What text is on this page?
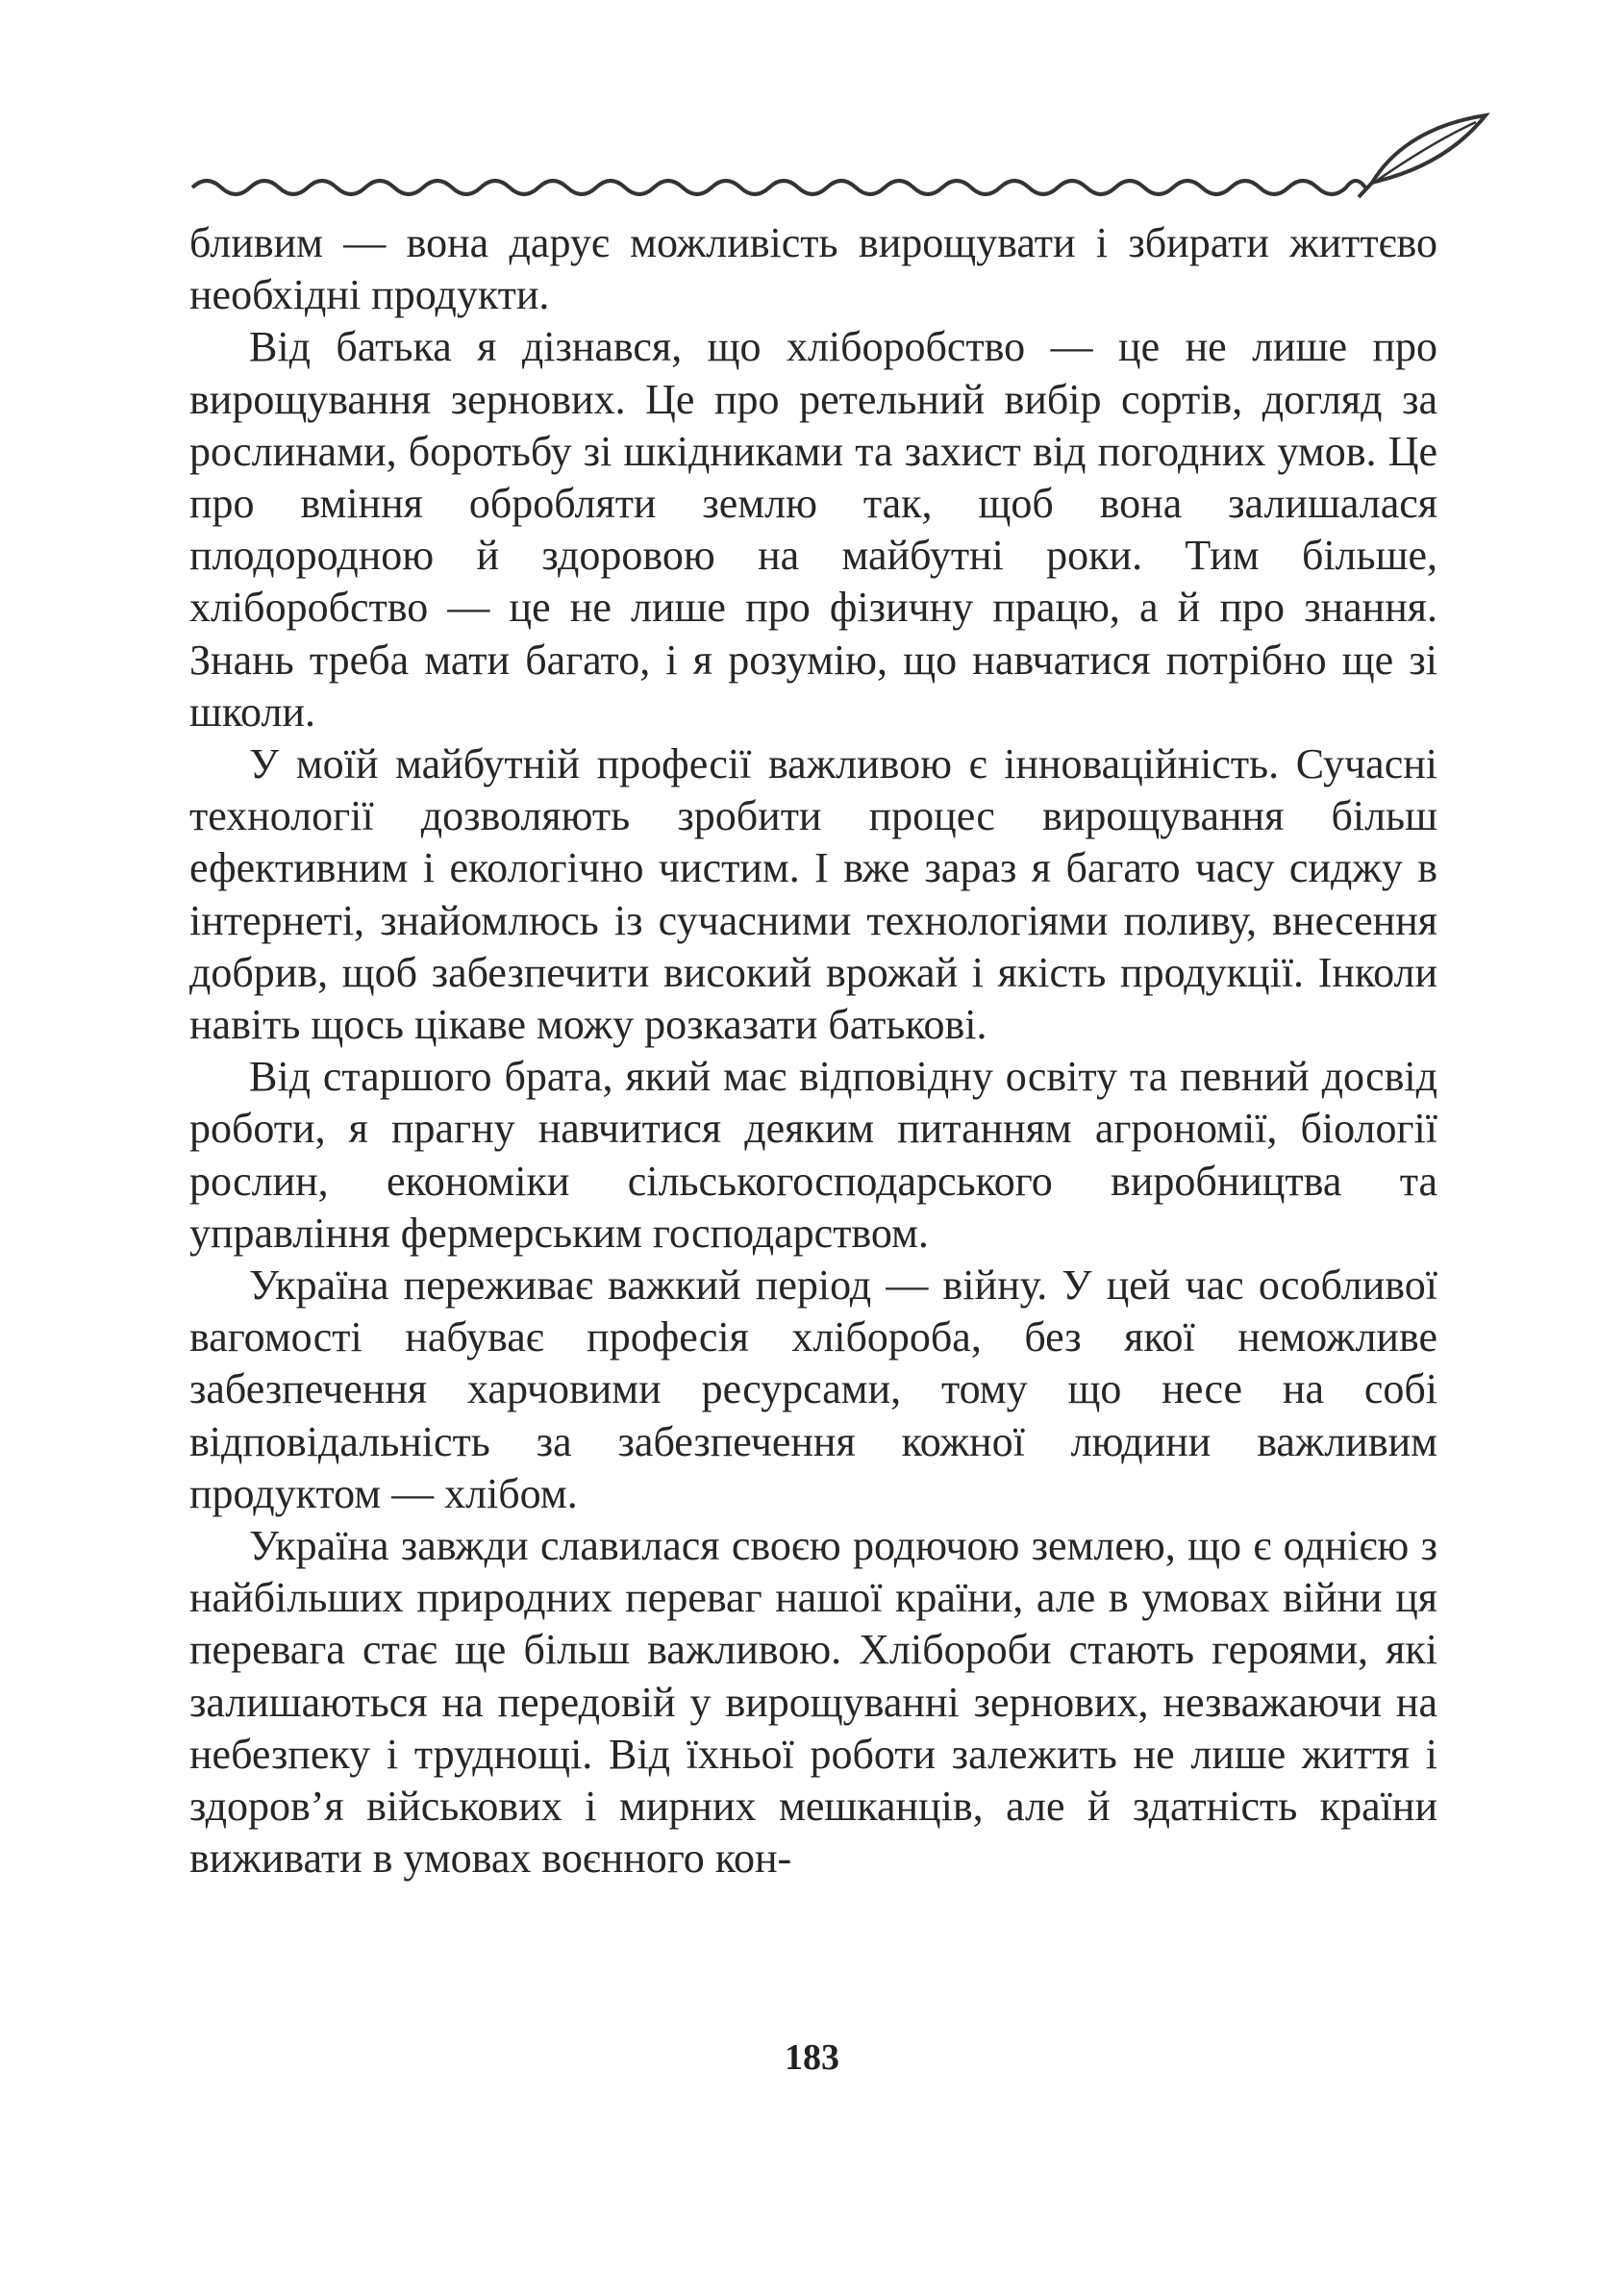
бливим — вона дарує можливість вирощувати і збирати життєво необхідні продукти.

Від батька я дізнався, що хліборобство — це не лише про вирощування зернових. Це про ретельний вибір сортів, догляд за рослинами, боротьбу зі шкідниками та захист від погодних умов. Це про вміння обробляти землю так, щоб вона залишалася плодородною й здоровою на майбутні роки. Тим більше, хліборобство — це не лише про фізичну працю, а й про знання. Знань треба мати багато, і я розумію, що навчатися потрібно ще зі школи.

У моїй майбутній професії важливою є інноваційність. Сучасні технології дозволяють зробити процес вирощування більш ефективним і екологічно чистим. І вже зараз я багато часу сиджу в інтернеті, знайомлюсь із сучасними технологіями поливу, внесення добрив, щоб забезпечити високий врожай і якість продукції. Інколи навіть щось цікаве можу розказати батькові.

Від старшого брата, який має відповідну освіту та певний досвід роботи, я прагну навчитися деяким питанням агрономії, біології рослин, економіки сільськогосподарського виробництва та управління фермерським господарством.

Україна переживає важкий період — війну. У цей час особливої вагомості набуває професія хлібороба, без якої неможливе забезпечення харчовими ресурсами, тому що несе на собі відповідальність за забезпечення кожної людини важливим продуктом — хлібом.

Україна завжди славилася своєю родючою землею, що є однією з найбільших природних переваг нашої країни, але в умовах війни ця перевага стає ще більш важливою. Хлібороби стають героями, які залишаються на передовій у вирощуванні зернових, незважаючи на небезпеку і труднощі. Від їхньої роботи залежить не лише життя і здоров’я військових і мирних мешканців, але й здатність країни виживати в умовах воєнного кон-

183
